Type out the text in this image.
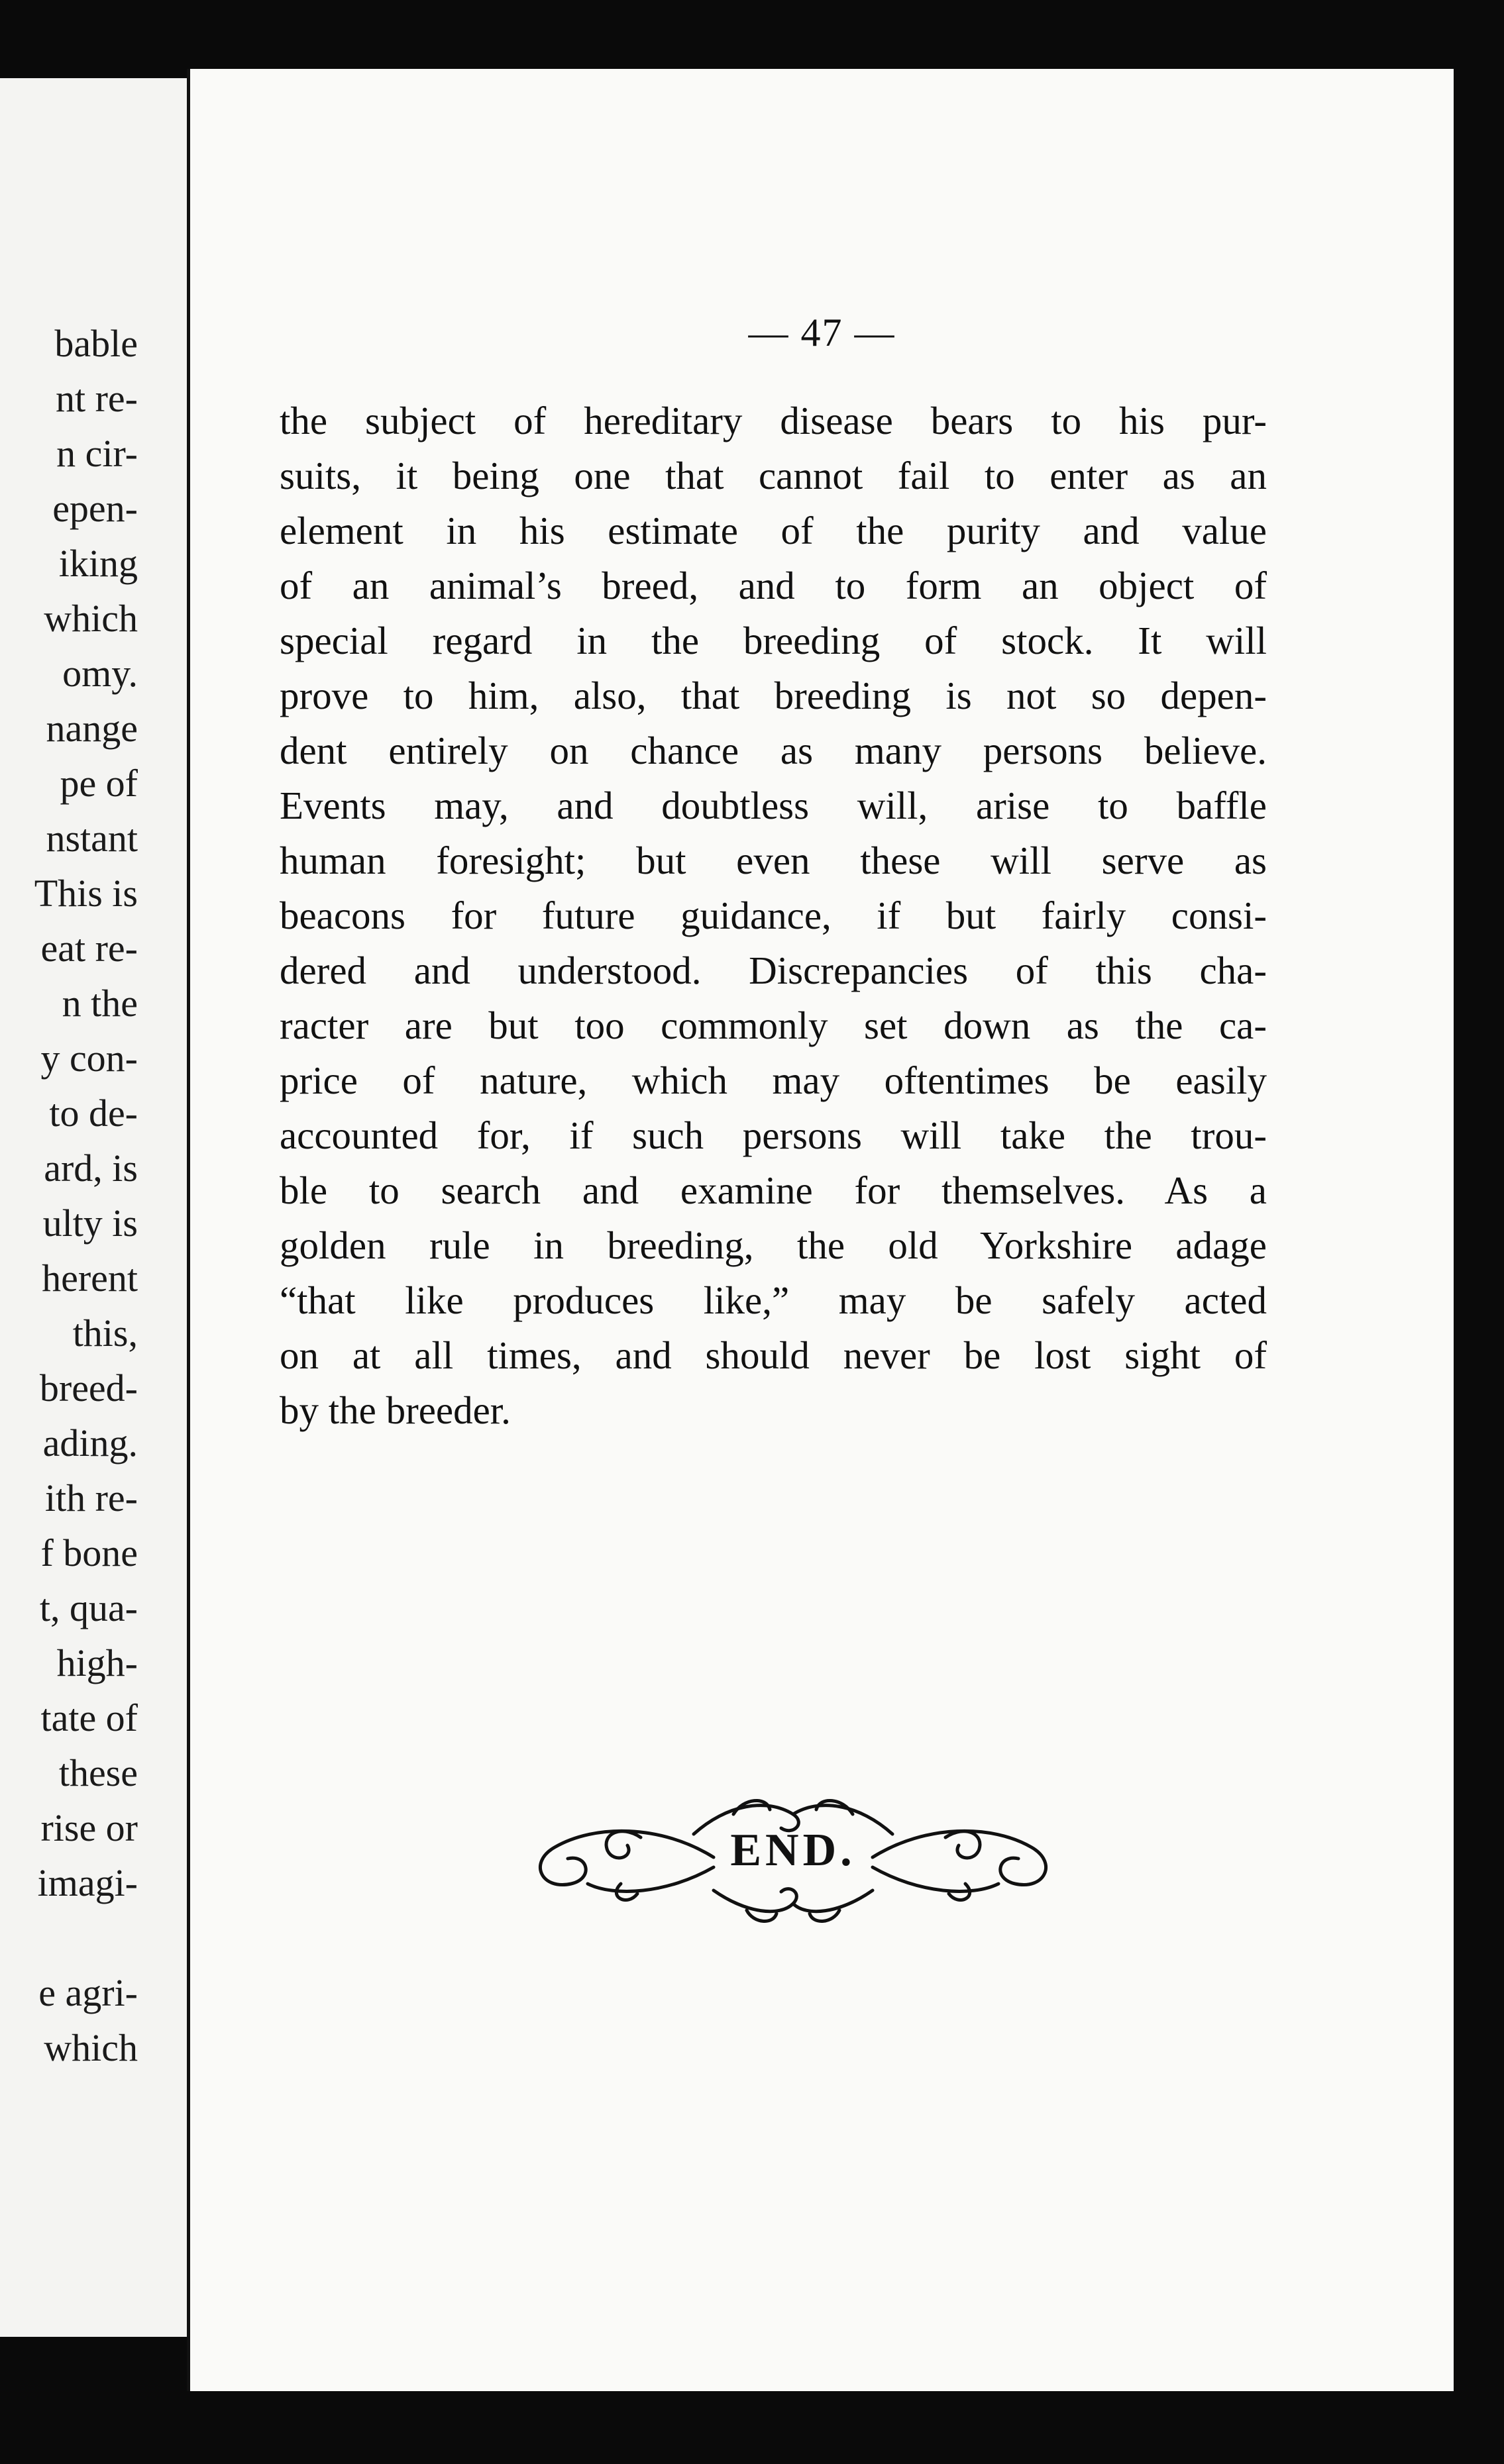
bable
nt re-
n cir-
epen-
iking
which
omy.
nange
pe of
nstant
This is
eat re-
n the
y con-
to de-
ard, is
ulty is
herent
this,
breed-
ading.
ith re-
f bone
t, qua-
high-
tate of
these
rise or
imagi-
e agri-
which
— 47 —
the subject of hereditary disease bears to his pur-
suits, it being one that cannot fail to enter as an
element in his estimate of the purity and value
of an animal’s breed, and to form an object of
special regard in the breeding of stock. It will
prove to him, also, that breeding is not so depen-
dent entirely on chance as many persons believe.
Events may, and doubtless will, arise to baffle
human foresight; but even these will serve as
beacons for future guidance, if but fairly consi-
dered and understood. Discrepancies of this cha-
racter are but too commonly set down as the ca-
price of nature, which may oftentimes be easily
accounted for, if such persons will take the trou-
ble to search and examine for themselves. As a
golden rule in breeding, the old Yorkshire adage
“that like produces like,” may be safely acted
on at all times, and should never be lost sight of
by the breeder.
END.
